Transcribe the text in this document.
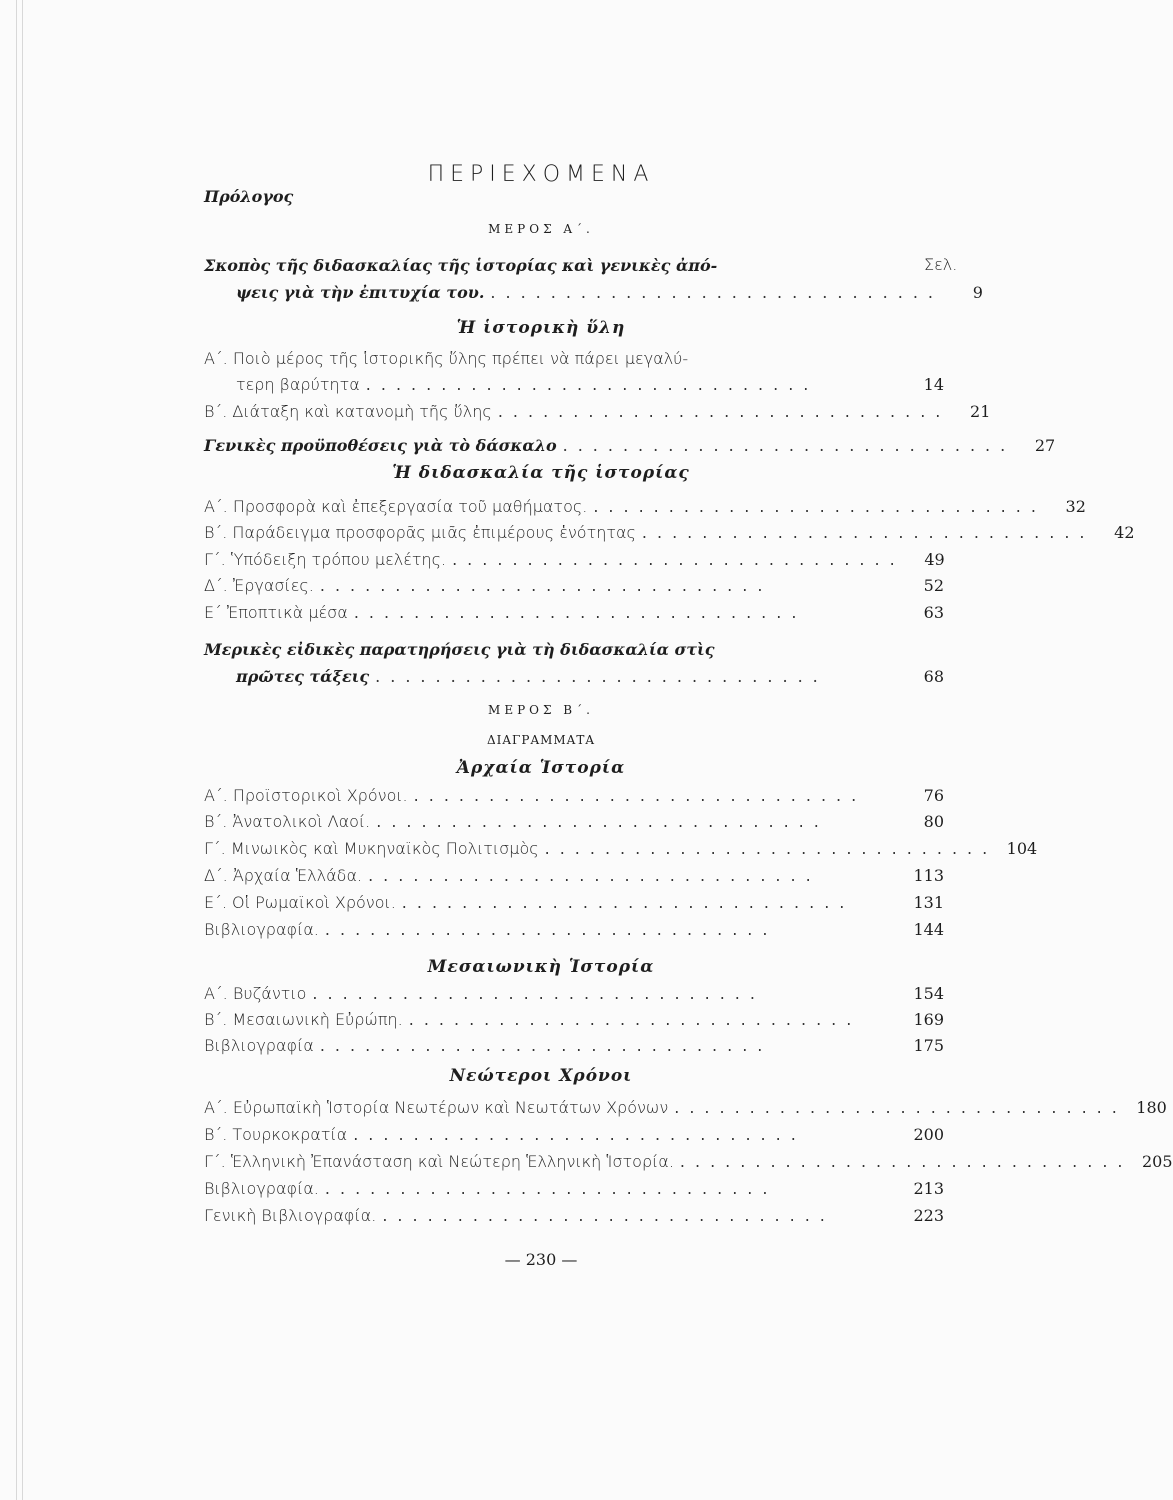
ΠΕΡΙΕΧΟΜΕΝΑ
Πρόλογος
ΜΕΡΟΣ Α΄.
Σελ.
Σκοπὸς τῆς διδασκαλίας τῆς ἱστορίας καὶ γενικὲς ἀπό-
ψεις γιὰ τὴν ἐπιτυχία του. ..............................	9
Ἡ ἱστορικὴ ὕλη
Α΄. Ποιὸ μέρος τῆς ἱστορικῆς ὕλης πρέπει νὰ πάρει μεγαλύ-
τερη βαρύτητα ..............................	14
Β΄. Διάταξη καὶ κατανομὴ τῆς ὕλης ..............................	21
Γενικὲς προϋποθέσεις γιὰ τὸ δάσκαλο ..............................	27
Ἡ διδασκαλία τῆς ἱστορίας
Α΄. Προσφορὰ καὶ ἐπεξεργασία τοῦ μαθήματος. ..............................	32
Β΄. Παράδειγμα προσφορᾶς μιᾶς ἐπιμέρους ἑνότητας ..............................	42
Γ΄. Ὑπόδειξη τρόπου μελέτης. ..............................	49
Δ΄. Ἐργασίες. ..............................	52
Ε΄ Ἐποπτικὰ μέσα ..............................	63
Μερικὲς εἰδικὲς παρατηρήσεις γιὰ τὴ διδασκαλία στὶς
πρῶτες τάξεις ..............................	68
ΜΕΡΟΣ Β΄.
ΔΙΑΓΡΑΜΜΑΤΑ
Ἀρχαία Ἱστορία
Α΄. Προϊστορικοὶ Χρόνοι. ..............................	76
Β΄. Ἀνατολικοὶ Λαοί. ..............................	80
Γ΄. Μινωικὸς καὶ Μυκηναϊκὸς Πολιτισμὸς .............................. 104
Δ΄. Ἀρχαία Ἑλλάδα. ..............................	113
Ε΄. Οἱ Ρωμαϊκοὶ Χρόνοι. ..............................	131
Βιβλιογραφία. ..............................	144
Μεσαιωνικὴ Ἱστορία
Α΄. Βυζάντιο ..............................	154
Β΄. Μεσαιωνικὴ Εὐρώπη. ..............................	169
Βιβλιογραφία ..............................	175
Νεώτεροι Χρόνοι
Α΄. Εὐρωπαϊκὴ Ἱστορία Νεωτέρων καὶ Νεωτάτων Χρόνων .............................. 180
Β΄. Τουρκοκρατία ..............................	200
Γ΄. Ἑλληνικὴ Ἐπανάσταση καὶ Νεώτερη Ἑλληνικὴ Ἱστορία. .............................. 205
Βιβλιογραφία. ..............................	213
Γενικὴ Βιβλιογραφία. ..............................	223
— 230 —
